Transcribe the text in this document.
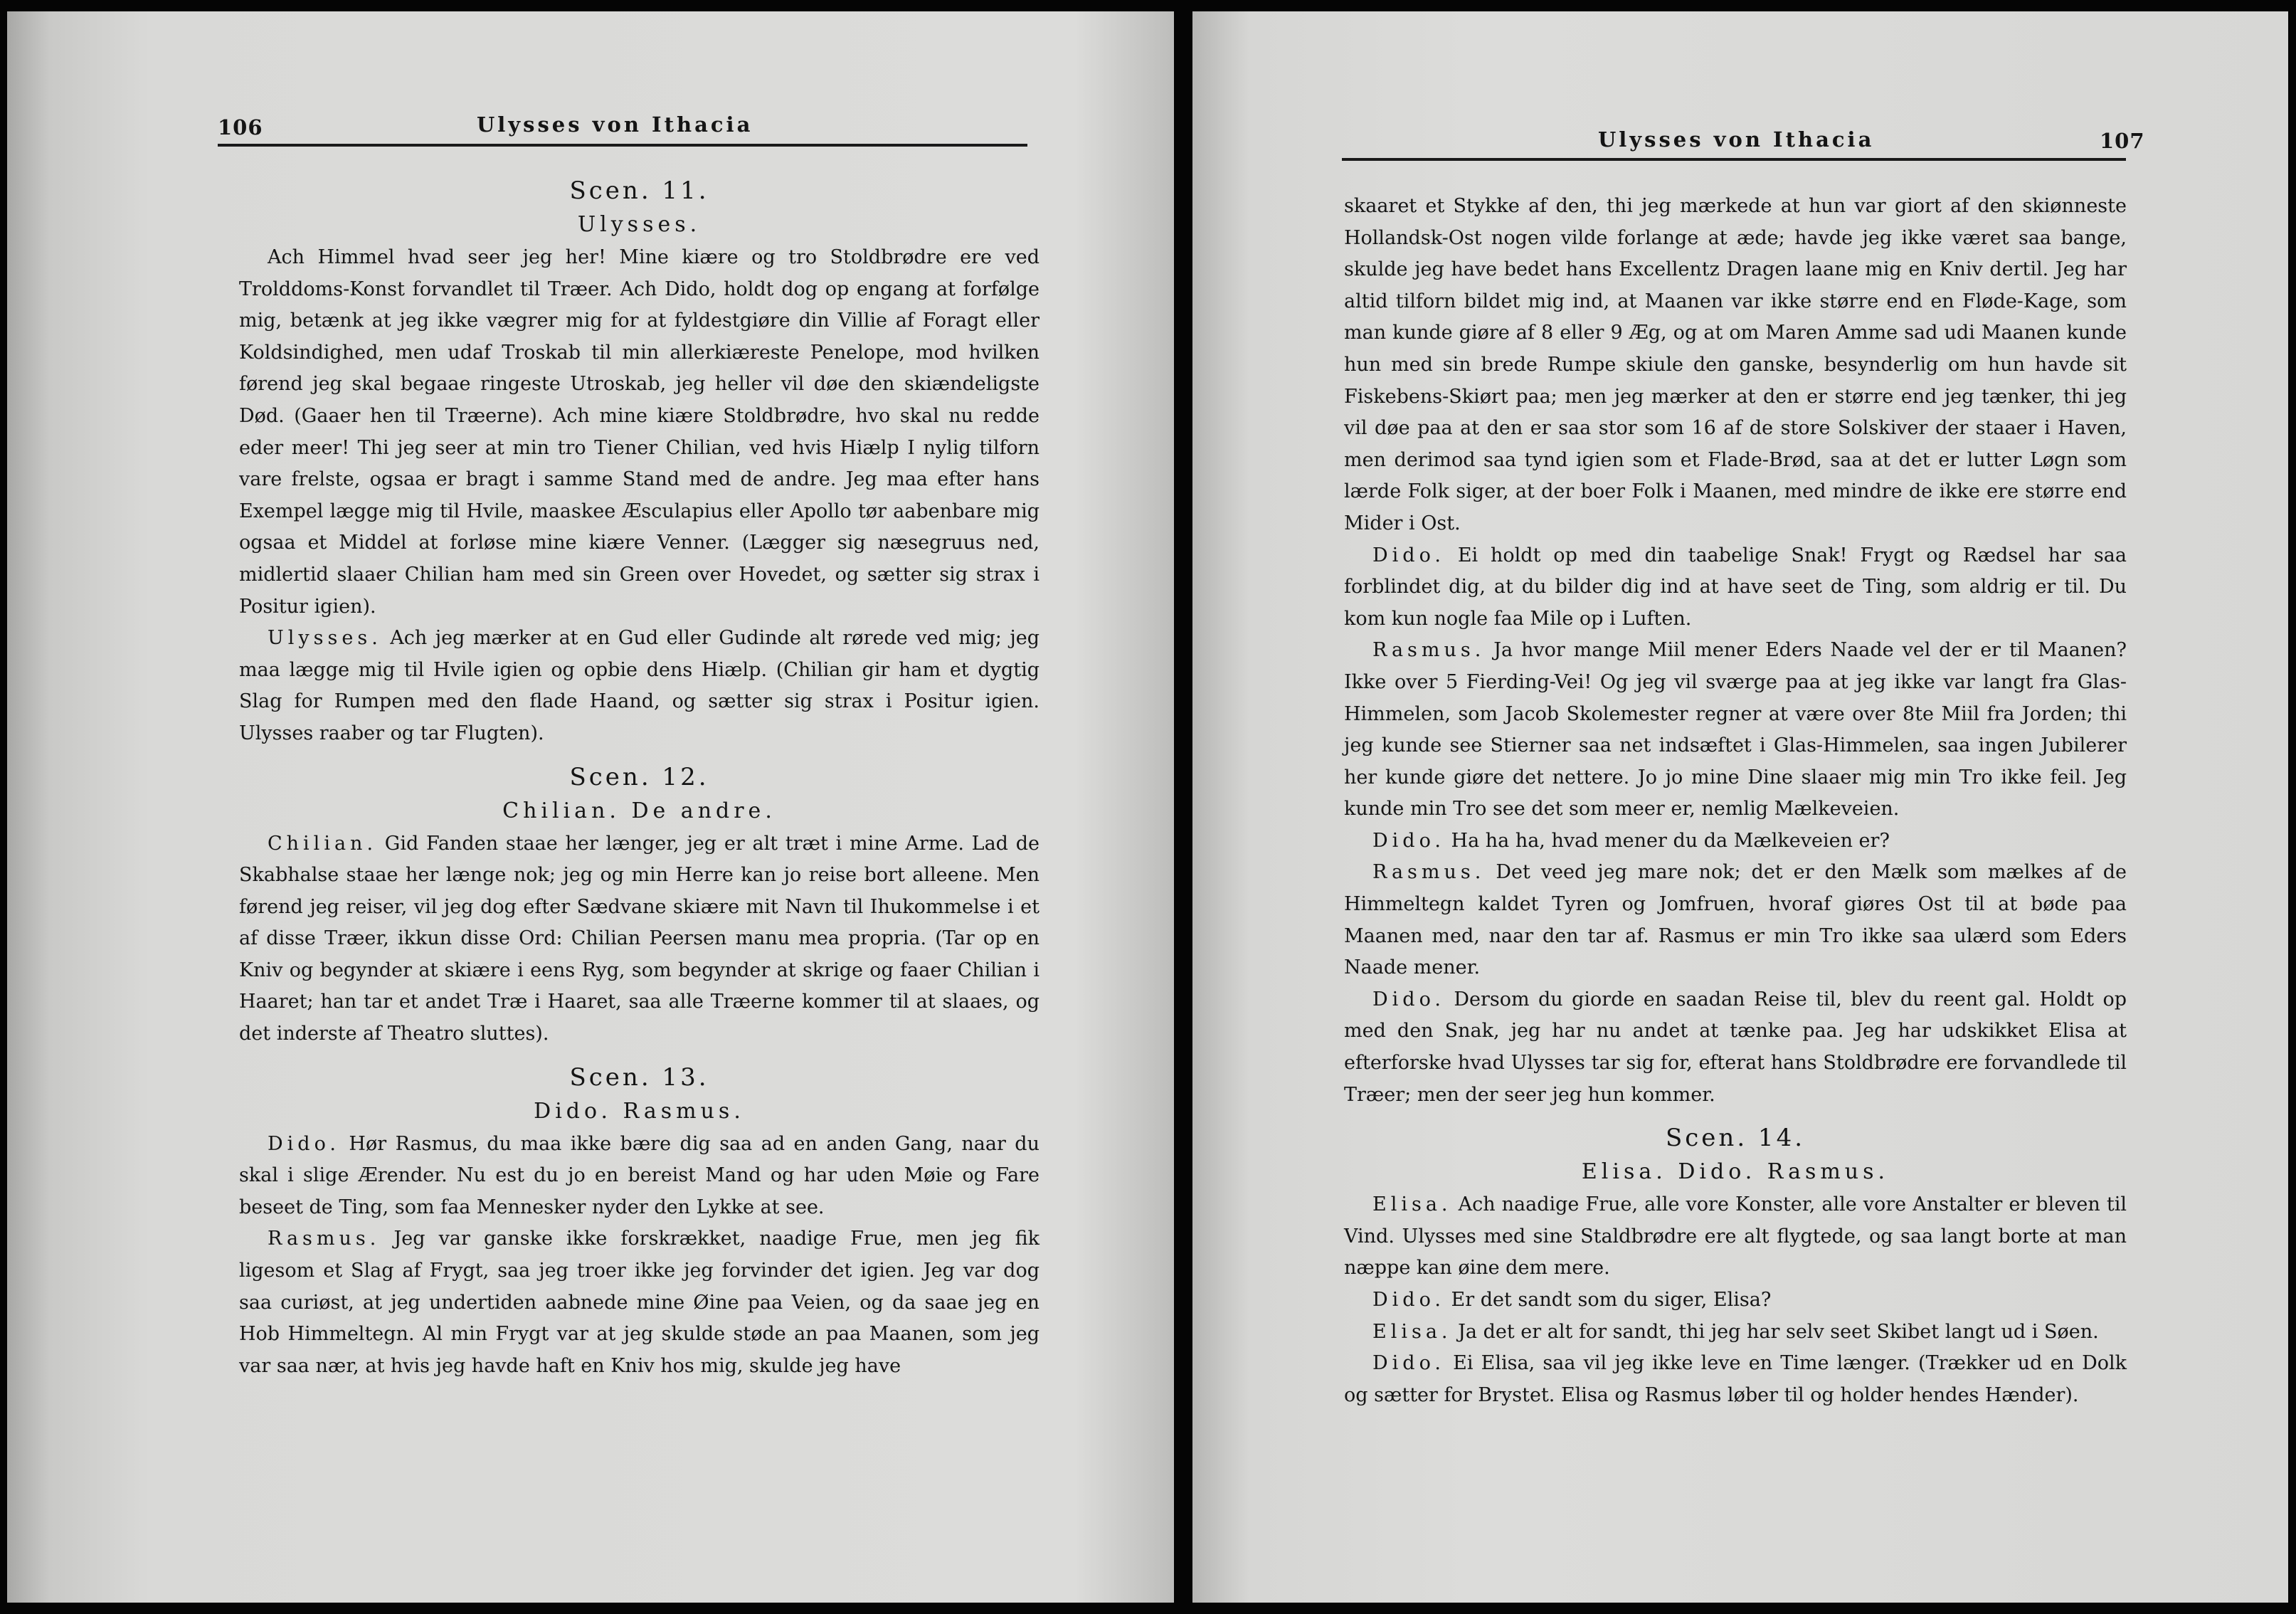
106	Ulysses von Ithacia
Scen. 11.
Ulysses.

Ach Himmel hvad seer jeg her! Mine kiære og tro Stoldbrødre ere ved Trolddoms-Konst forvandlet til Træer. Ach Dido, holdt dog op engang at forfølge mig, betænk at jeg ikke vægrer mig for at fyldestgiøre din Villie af Foragt eller Koldsindighed, men udaf Troskab til min allerkiæreste Penelope, mod hvilken førend jeg skal begaae ringeste Utroskab, jeg heller vil døe den skiændeligste Død. (Gaaer hen til Træerne). Ach mine kiære Stoldbrødre, hvo skal nu redde eder meer! Thi jeg seer at min tro Tiener Chilian, ved hvis Hiælp I nylig tilforn vare frelste, ogsaa er bragt i samme Stand med de andre. Jeg maa efter hans Exempel lægge mig til Hvile, maaskee Æsculapius eller Apollo tør aabenbare mig ogsaa et Middel at forløse mine kiære Venner. (Lægger sig næsegruus ned, midlertid slaaer Chilian ham med sin Green over Hovedet, og sætter sig strax i Positur igien).

Ulysses. Ach jeg mærker at en Gud eller Gudinde alt rørede ved mig; jeg maa lægge mig til Hvile igien og opbie dens Hiælp. (Chilian gir ham et dygtig Slag for Rumpen med den flade Haand, og sætter sig strax i Positur igien. Ulysses raaber og tar Flugten).

Scen. 12.
Chilian. De andre.

Chilian. Gid Fanden staae her længer, jeg er alt træt i mine Arme. Lad de Skabhalse staae her længe nok; jeg og min Herre kan jo reise bort alleene. Men førend jeg reiser, vil jeg dog efter Sædvane skiære mit Navn til Ihukommelse i et af disse Træer, ikkun disse Ord: Chilian Peersen manu mea propria. (Tar op en Kniv og begynder at skiære i eens Ryg, som begynder at skrige og faaer Chilian i Haaret; han tar et andet Træ i Haaret, saa alle Træerne kommer til at slaaes, og det inderste af Theatro sluttes).

Scen. 13.
Dido. Rasmus.

Dido. Hør Rasmus, du maa ikke bære dig saa ad en anden Gang, naar du skal i slige Ærender. Nu est du jo en bereist Mand og har uden Møie og Fare beseet de Ting, som faa Mennesker nyder den Lykke at see.

Rasmus. Jeg var ganske ikke forskrækket, naadige Frue, men jeg fik ligesom et Slag af Frygt, saa jeg troer ikke jeg forvinder det igien. Jeg var dog saa curiøst, at jeg undertiden aabnede mine Øine paa Veien, og da saae jeg en Hob Himmeltegn. Al min Frygt var at jeg skulde støde an paa Maanen, som jeg var saa nær, at hvis jeg havde haft en Kniv hos mig, skulde jeg have

Ulysses von Ithacia	107

skaaret et Stykke af den, thi jeg mærkede at hun var giort af den skiønneste Hollandsk-Ost nogen vilde forlange at æde; havde jeg ikke været saa bange, skulde jeg have bedet hans Excellentz Dragen laane mig en Kniv dertil. Jeg har altid tilforn bildet mig ind, at Maanen var ikke større end en Fløde-Kage, som man kunde giøre af 8 eller 9 Æg, og at om Maren Amme sad udi Maanen kunde hun med sin brede Rumpe skiule den ganske, besynderlig om hun havde sit Fiskebens-Skiørt paa; men jeg mærker at den er større end jeg tænker, thi jeg vil døe paa at den er saa stor som 16 af de store Solskiver der staaer i Haven, men derimod saa tynd igien som et Flade-Brød, saa at det er lutter Løgn som lærde Folk siger, at der boer Folk i Maanen, med mindre de ikke ere større end Mider i Ost.

Dido. Ei holdt op med din taabelige Snak! Frygt og Rædsel har saa forblindet dig, at du bilder dig ind at have seet de Ting, som aldrig er til. Du kom kun nogle faa Mile op i Luften.

Rasmus. Ja hvor mange Miil mener Eders Naade vel der er til Maanen? Ikke over 5 Fierding-Vei! Og jeg vil sværge paa at jeg ikke var langt fra Glas-Himmelen, som Jacob Skolemester regner at være over 8te Miil fra Jorden; thi jeg kunde see Stierner saa net indsæftet i Glas-Himmelen, saa ingen Jubilerer her kunde giøre det nettere. Jo jo mine Dine slaaer mig min Tro ikke feil. Jeg kunde min Tro see det som meer er, nemlig Mælkeveien.

Dido. Ha ha ha, hvad mener du da Mælkeveien er?

Rasmus. Det veed jeg mare nok; det er den Mælk som mælkes af de Himmeltegn kaldet Tyren og Jomfruen, hvoraf giøres Ost til at bøde paa Maanen med, naar den tar af. Rasmus er min Tro ikke saa ulærd som Eders Naade mener.

Dido. Dersom du giorde en saadan Reise til, blev du reent gal. Holdt op med den Snak, jeg har nu andet at tænke paa. Jeg har udskikket Elisa at efterforske hvad Ulysses tar sig for, efterat hans Stoldbrødre ere forvandlede til Træer; men der seer jeg hun kommer.

Scen. 14.
Elisa. Dido. Rasmus.

Elisa. Ach naadige Frue, alle vore Konster, alle vore Anstalter er bleven til Vind. Ulysses med sine Staldbrødre ere alt flygtede, og saa langt borte at man næppe kan øine dem mere.

Dido. Er det sandt som du siger, Elisa?

Elisa. Ja det er alt for sandt, thi jeg har selv seet Skibet langt ud i Søen.

Dido. Ei Elisa, saa vil jeg ikke leve en Time længer. (Trækker ud en Dolk og sætter for Brystet. Elisa og Rasmus løber til og holder hendes Hænder).
